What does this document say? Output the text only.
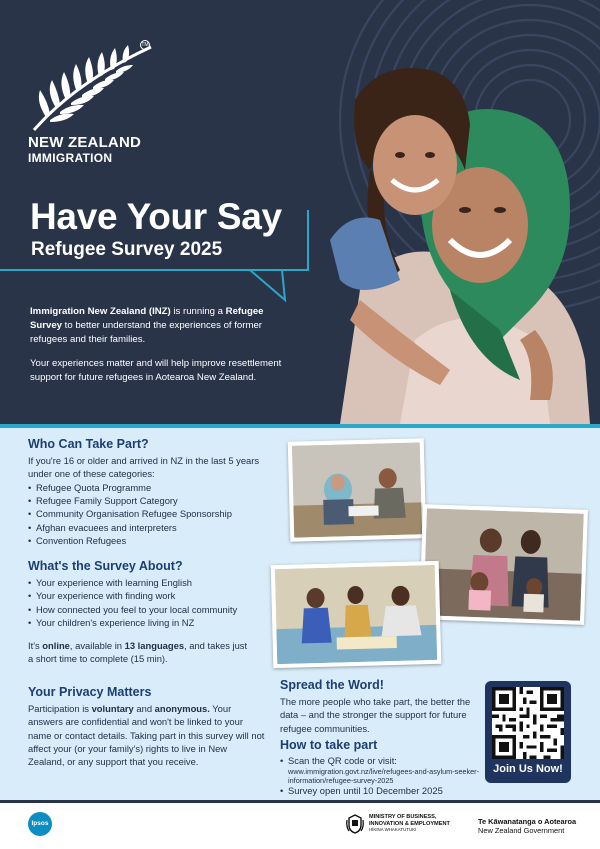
TM
NEW ZEALAND
IMMIGRATION
Have Your Say
Refugee Survey 2025

Immigration New Zealand (INZ) is running a Refugee Survey to better understand the experiences of former refugees and their families.

Your experiences matter and will help improve resettlement support for future refugees in Aotearoa New Zealand.

Who Can Take Part?
If you're 16 or older and arrived in NZ in the last 5 years under one of these categories:
• Refugee Quota Programme
• Refugee Family Support Category
• Community Organisation Refugee Sponsorship
• Afghan evacuees and interpreters
• Convention Refugees
What's the Survey About?
• Your experience with learning English
• Your experience with finding work
• How connected you feel to your local community
• Your children's experience living in NZ
It's online, available in 13 languages, and takes just a short time to complete (15 min).
Your Privacy Matters
Participation is voluntary and anonymous. Your answers are confidential and won't be linked to your name or contact details. Taking part in this survey will not affect your (or your family's) rights to live in New Zealand, or any support that you receive.
Spread the Word!
The more people who take part, the better the data – and the stronger the support for future refugee communities.
How to take part
• Scan the QR code or visit:
www.immigration.govt.nz/live/refugees-and-asylum-seeker-information/refugee-survey-2025
• Survey open until 10 December 2025
Join Us Now!
Ipsos
MINISTRY OF BUSINESS,
INNOVATION & EMPLOYMENT
HĪKINA WHAKATUTUKI
Te Kāwanatanga o Aotearoa
New Zealand Government
